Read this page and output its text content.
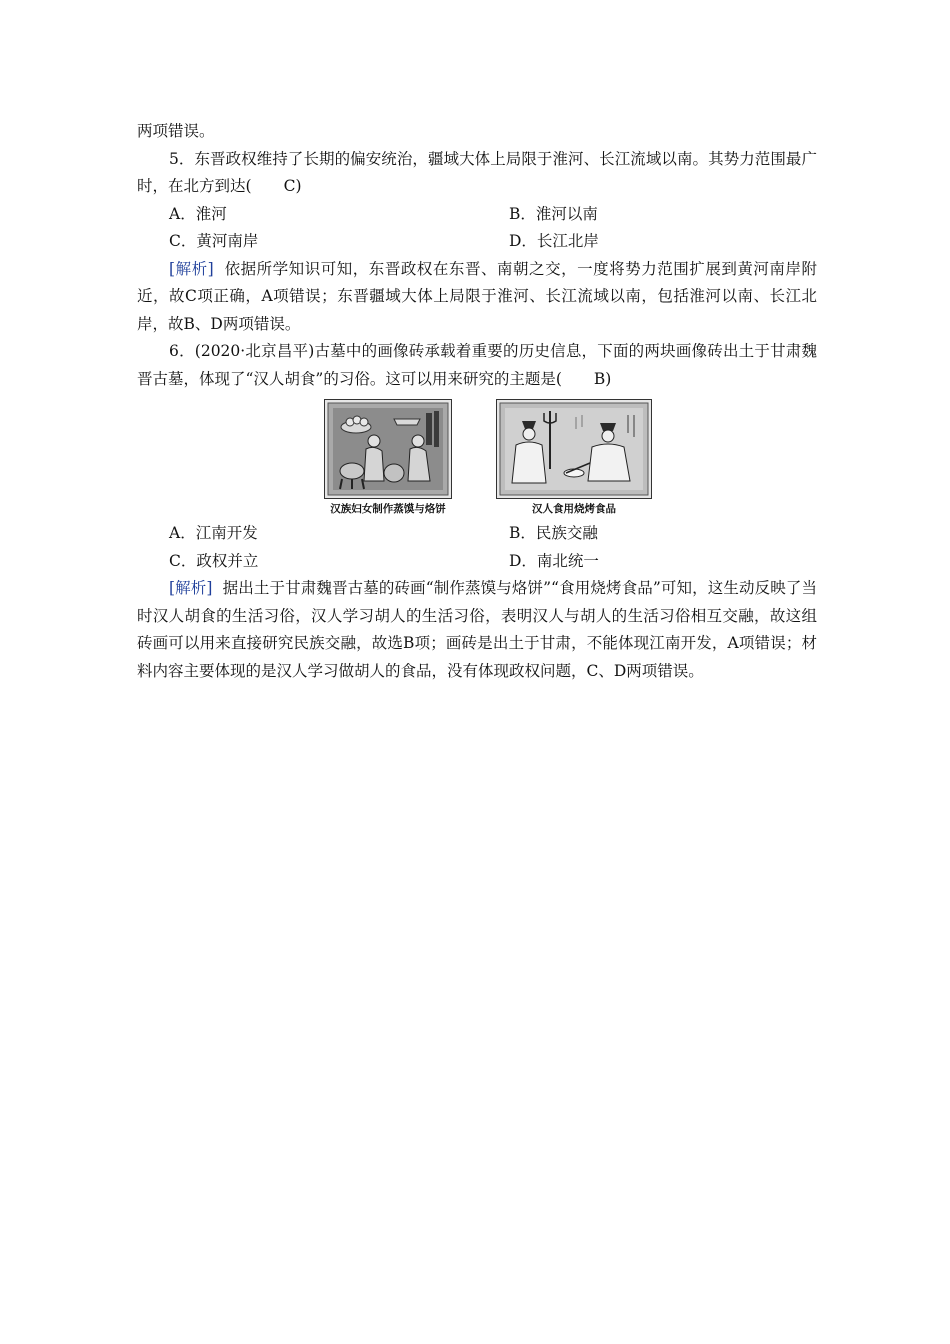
两项错误。

5．东晋政权维持了长期的偏安统治，疆域大体上局限于淮河、长江流域以南。其势力范围最广时，在北方到达( C)

A．淮河	B．淮河以南
C．黄河南岸	D．长江北岸

[解析] 依据所学知识可知，东晋政权在东晋、南朝之交，一度将势力范围扩展到黄河南岸附近，故C项正确，A项错误；东晋疆域大体上局限于淮河、长江流域以南，包括淮河以南、长江北岸，故B、D两项错误。

6．(2020·北京昌平)古墓中的画像砖承载着重要的历史信息，下面的两块画像砖出土于甘肃魏晋古墓，体现了“汉人胡食”的习俗。这可以用来研究的主题是( B)

汉族妇女制作蒸馍与烙饼	汉人食用烧烤食品
A．江南开发	B．民族交融
C．政权并立	D．南北统一

[解析] 据出土于甘肃魏晋古墓的砖画“制作蒸馍与烙饼”“食用烧烤食品”可知，这生动反映了当时汉人胡食的生活习俗，汉人学习胡人的生活习俗，表明汉人与胡人的生活习俗相互交融，故这组砖画可以用来直接研究民族交融，故选B项；画砖是出土于甘肃，不能体现江南开发，A项错误；材料内容主要体现的是汉人学习做胡人的食品，没有体现政权问题，C、D两项错误。
